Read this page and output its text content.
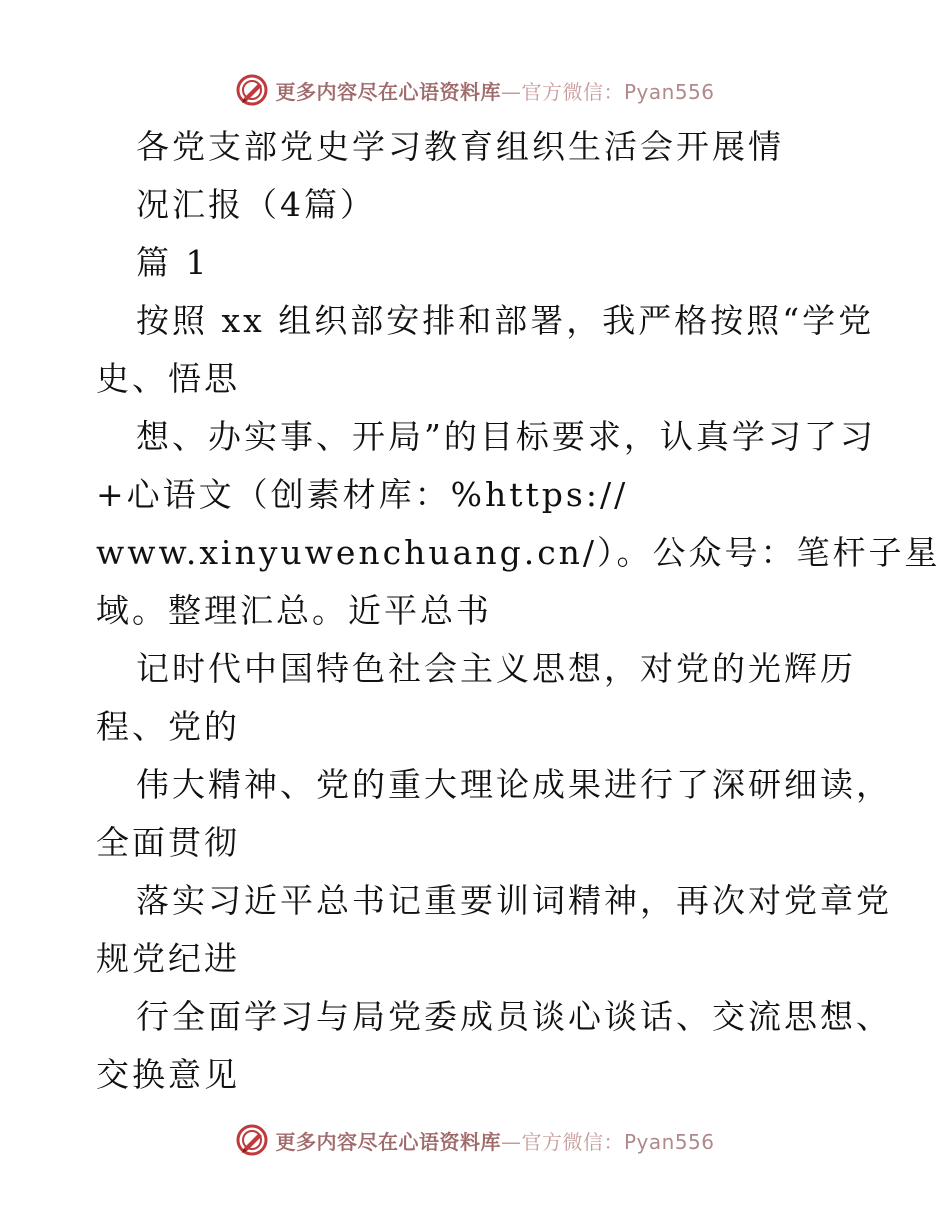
更多内容尽在心语资料库—官方微信：Pyan556
各党支部党史学习教育组织生活会开展情
况汇报（4篇）
篇 1
按照 xx 组织部安排和部署，我严格按照“学党
史、悟思
想、办实事、开局”的目标要求，认真学习了习
+心语文（创素材库：%https://
www.xinyuwenchuang.cn/）。公众号：笔杆子星
域。整理汇总。近平总书
记时代中国特色社会主义思想，对党的光辉历
程、党的
伟大精神、党的重大理论成果进行了深研细读，
全面贯彻
落实习近平总书记重要训词精神，再次对党章党
规党纪进
行全面学习与局党委成员谈心谈话、交流思想、
交换意见
更多内容尽在心语资料库—官方微信：Pyan556
